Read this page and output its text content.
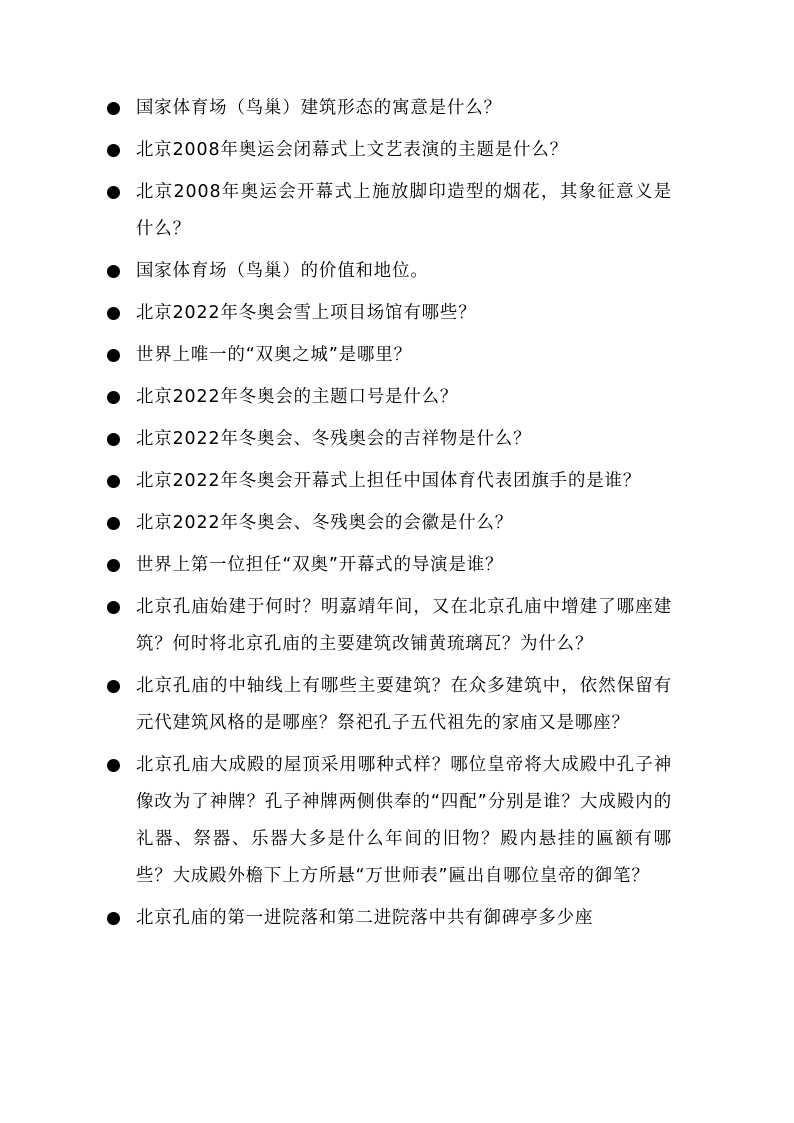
国家体育场（鸟巢）建筑形态的寓意是什么？
北京2008年奥运会闭幕式上文艺表演的主题是什么？
北京2008年奥运会开幕式上施放脚印造型的烟花，其象征意义是什么？
国家体育场（鸟巢）的价值和地位。
北京2022年冬奥会雪上项目场馆有哪些？
世界上唯一的“双奥之城”是哪里？
北京2022年冬奥会的主题口号是什么？
北京2022年冬奥会、冬残奥会的吉祥物是什么？
北京2022年冬奥会开幕式上担任中国体育代表团旗手的是谁？
北京2022年冬奥会、冬残奥会的会徽是什么？
世界上第一位担任“双奥”开幕式的导演是谁？
北京孔庙始建于何时？明嘉靖年间，又在北京孔庙中增建了哪座建筑？何时将北京孔庙的主要建筑改铺黄琉璃瓦？为什么？
北京孔庙的中轴线上有哪些主要建筑？在众多建筑中，依然保留有元代建筑风格的是哪座？祭祀孔子五代祖先的家庙又是哪座？
北京孔庙大成殿的屋顶采用哪种式样？哪位皇帝将大成殿中孔子神像改为了神牌？孔子神牌两侧供奉的“四配”分别是谁？大成殿内的礼器、祭器、乐器大多是什么年间的旧物？殿内悬挂的匾额有哪些？大成殿外檐下上方所悬“万世师表”匾出自哪位皇帝的御笔？
北京孔庙的第一进院落和第二进院落中共有御碑亭多少座
